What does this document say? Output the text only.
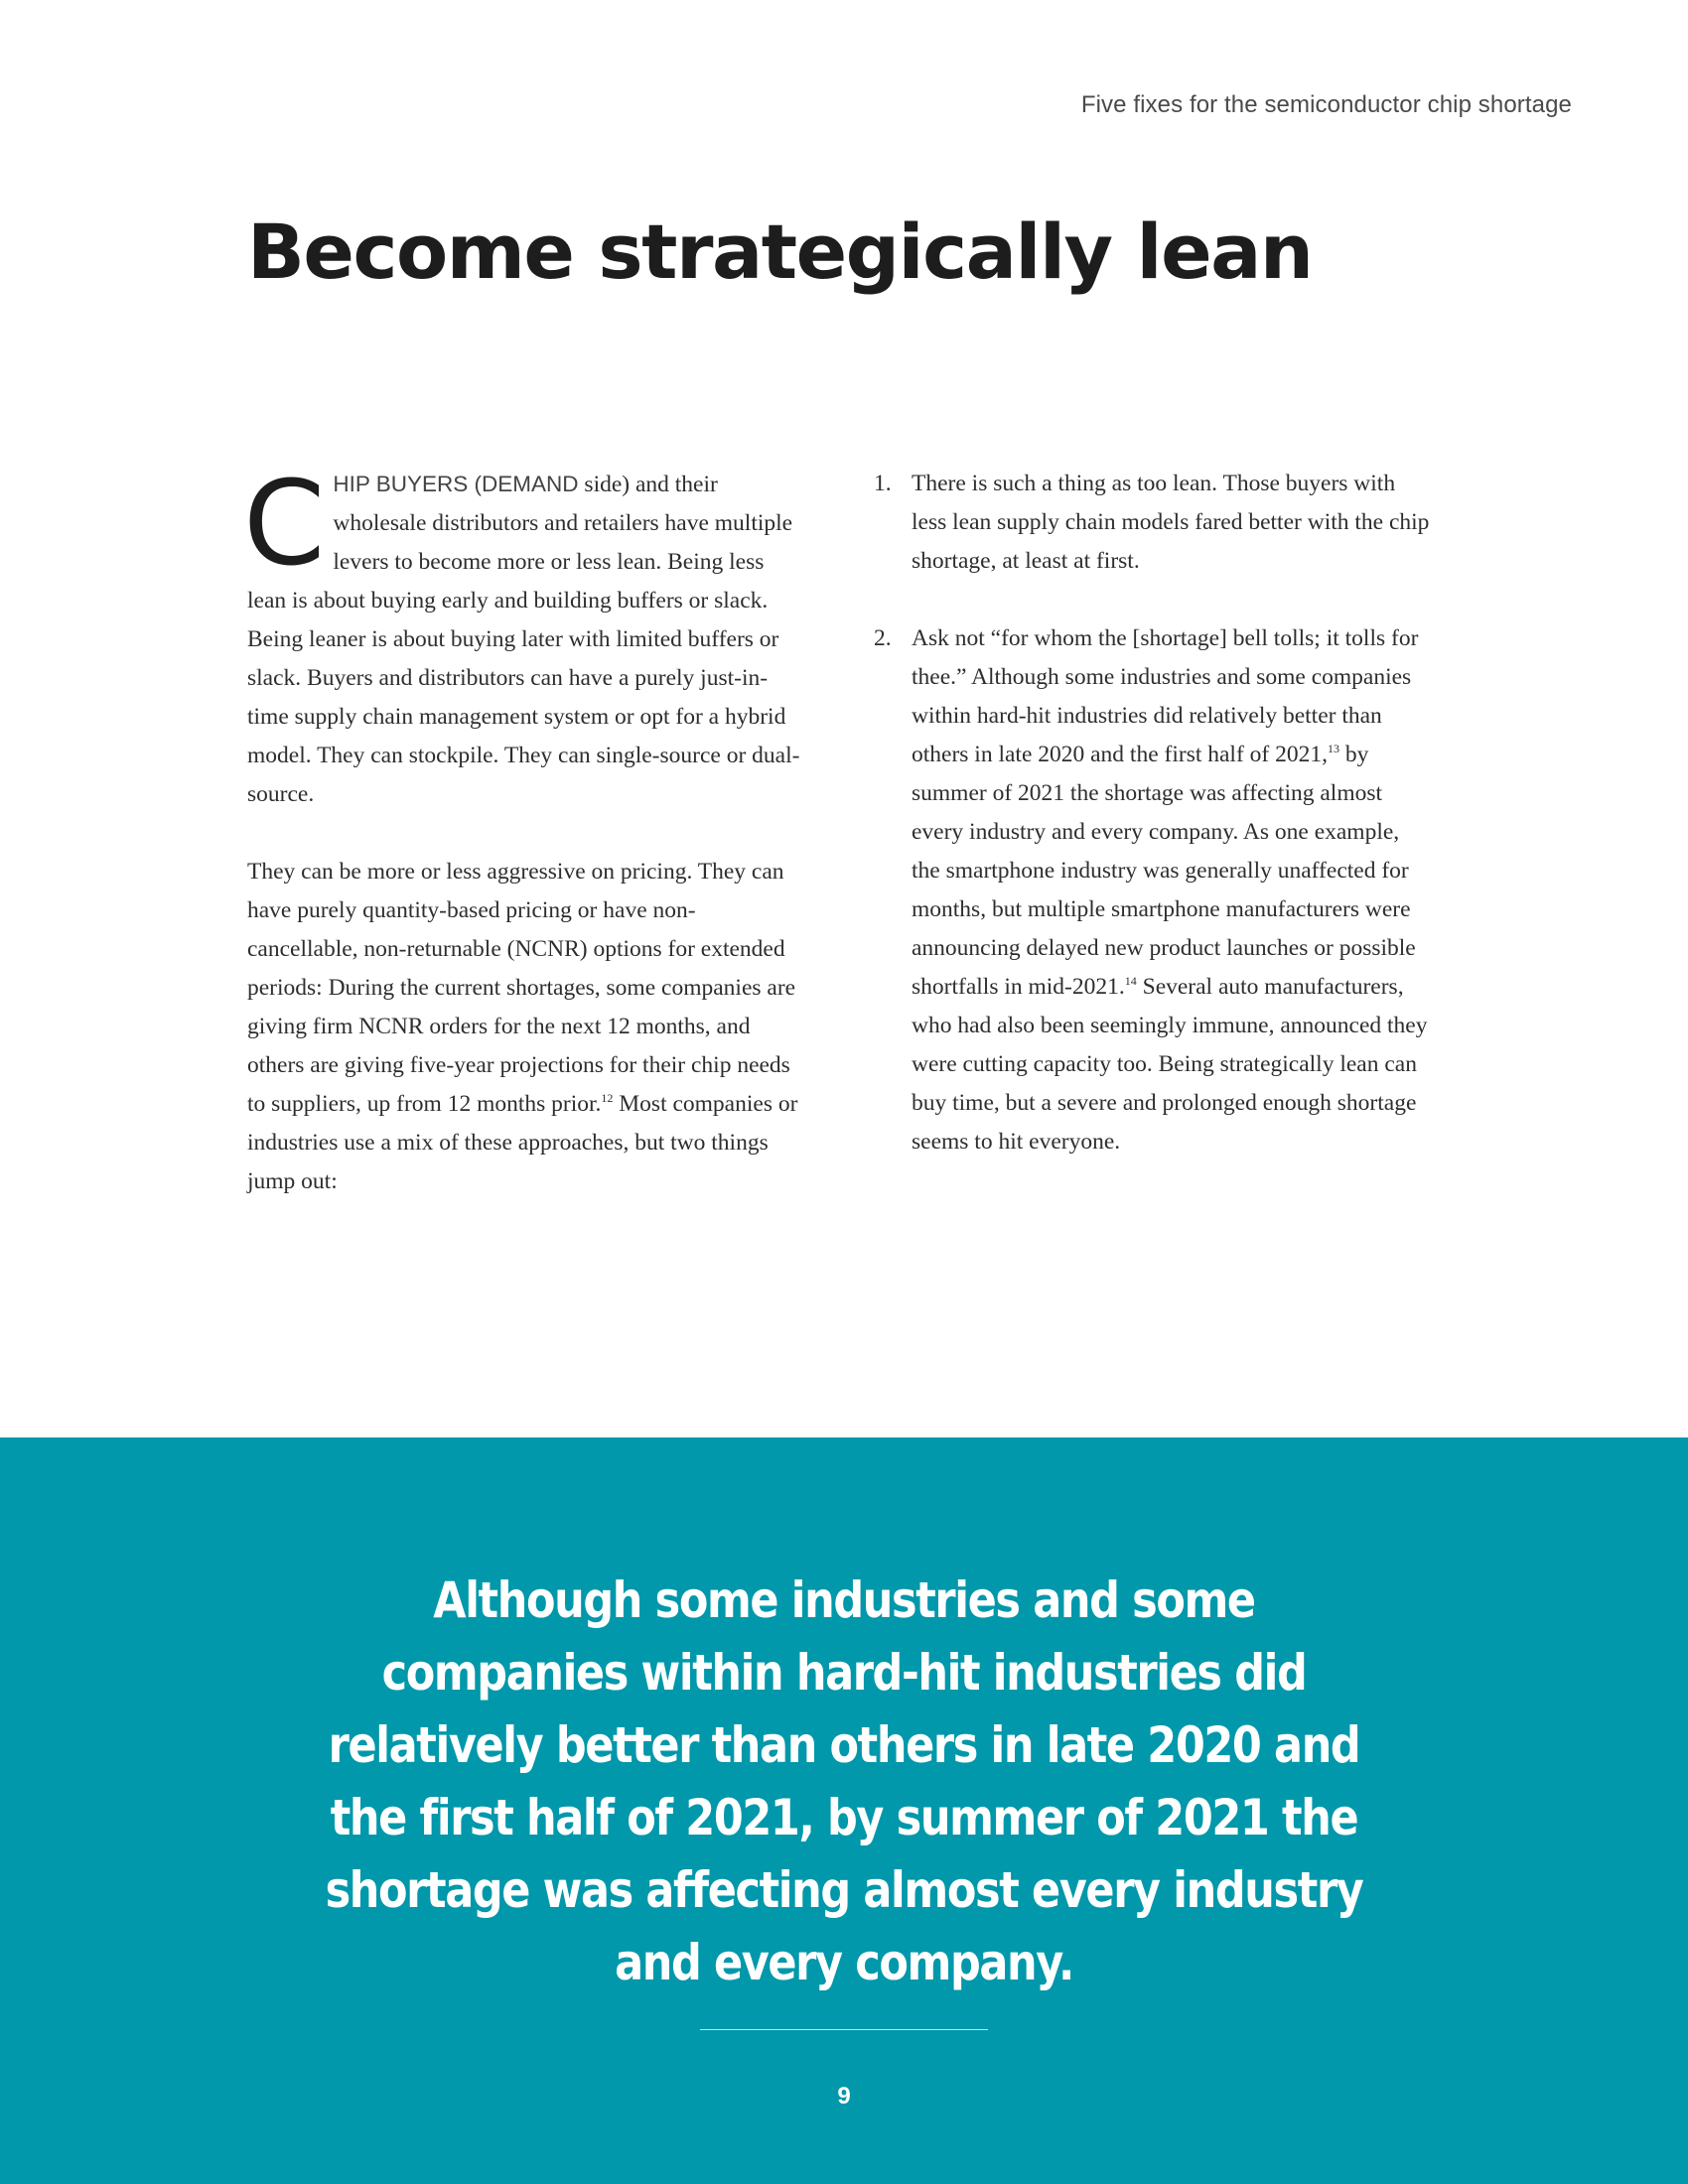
Five fixes for the semiconductor chip shortage
Become strategically lean

CHIP BUYERS (DEMAND side) and their wholesale distributors and retailers have multiple levers to become more or less lean. Being less lean is about buying early and building buffers or slack. Being leaner is about buying later with limited buffers or slack. Buyers and distributors can have a purely just-in-time supply chain management system or opt for a hybrid model. They can stockpile. They can single-source or dual-source.

They can be more or less aggressive on pricing. They can have purely quantity-based pricing or have non-cancellable, non-returnable (NCNR) options for extended periods: During the current shortages, some companies are giving firm NCNR orders for the next 12 months, and others are giving five-year projections for their chip needs to suppliers, up from 12 months prior.$^{12}$ Most companies or industries use a mix of these approaches, but two things jump out:

1. There is such a thing as too lean. Those buyers with less lean supply chain models fared better with the chip shortage, at least at first.
2. Ask not “for whom the [shortage] bell tolls; it tolls for thee.” Although some industries and some companies within hard-hit industries did relatively better than others in late 2020 and the first half of 2021,13 by summer of 2021 the shortage was affecting almost every industry and every company. As one example, the smartphone industry was generally unaffected for months, but multiple smartphone manufacturers were announcing delayed new product launches or possible shortfalls in mid-2021.14 Several auto manufacturers, who had also been seemingly immune, announced they were cutting capacity too. Being strategically lean can buy time, but a severe and prolonged enough shortage seems to hit everyone.

Although some industries and some companies within hard-hit industries did relatively better than others in late 2020 and the first half of 2021, by summer of 2021 the shortage was affecting almost every industry and every company.

9
